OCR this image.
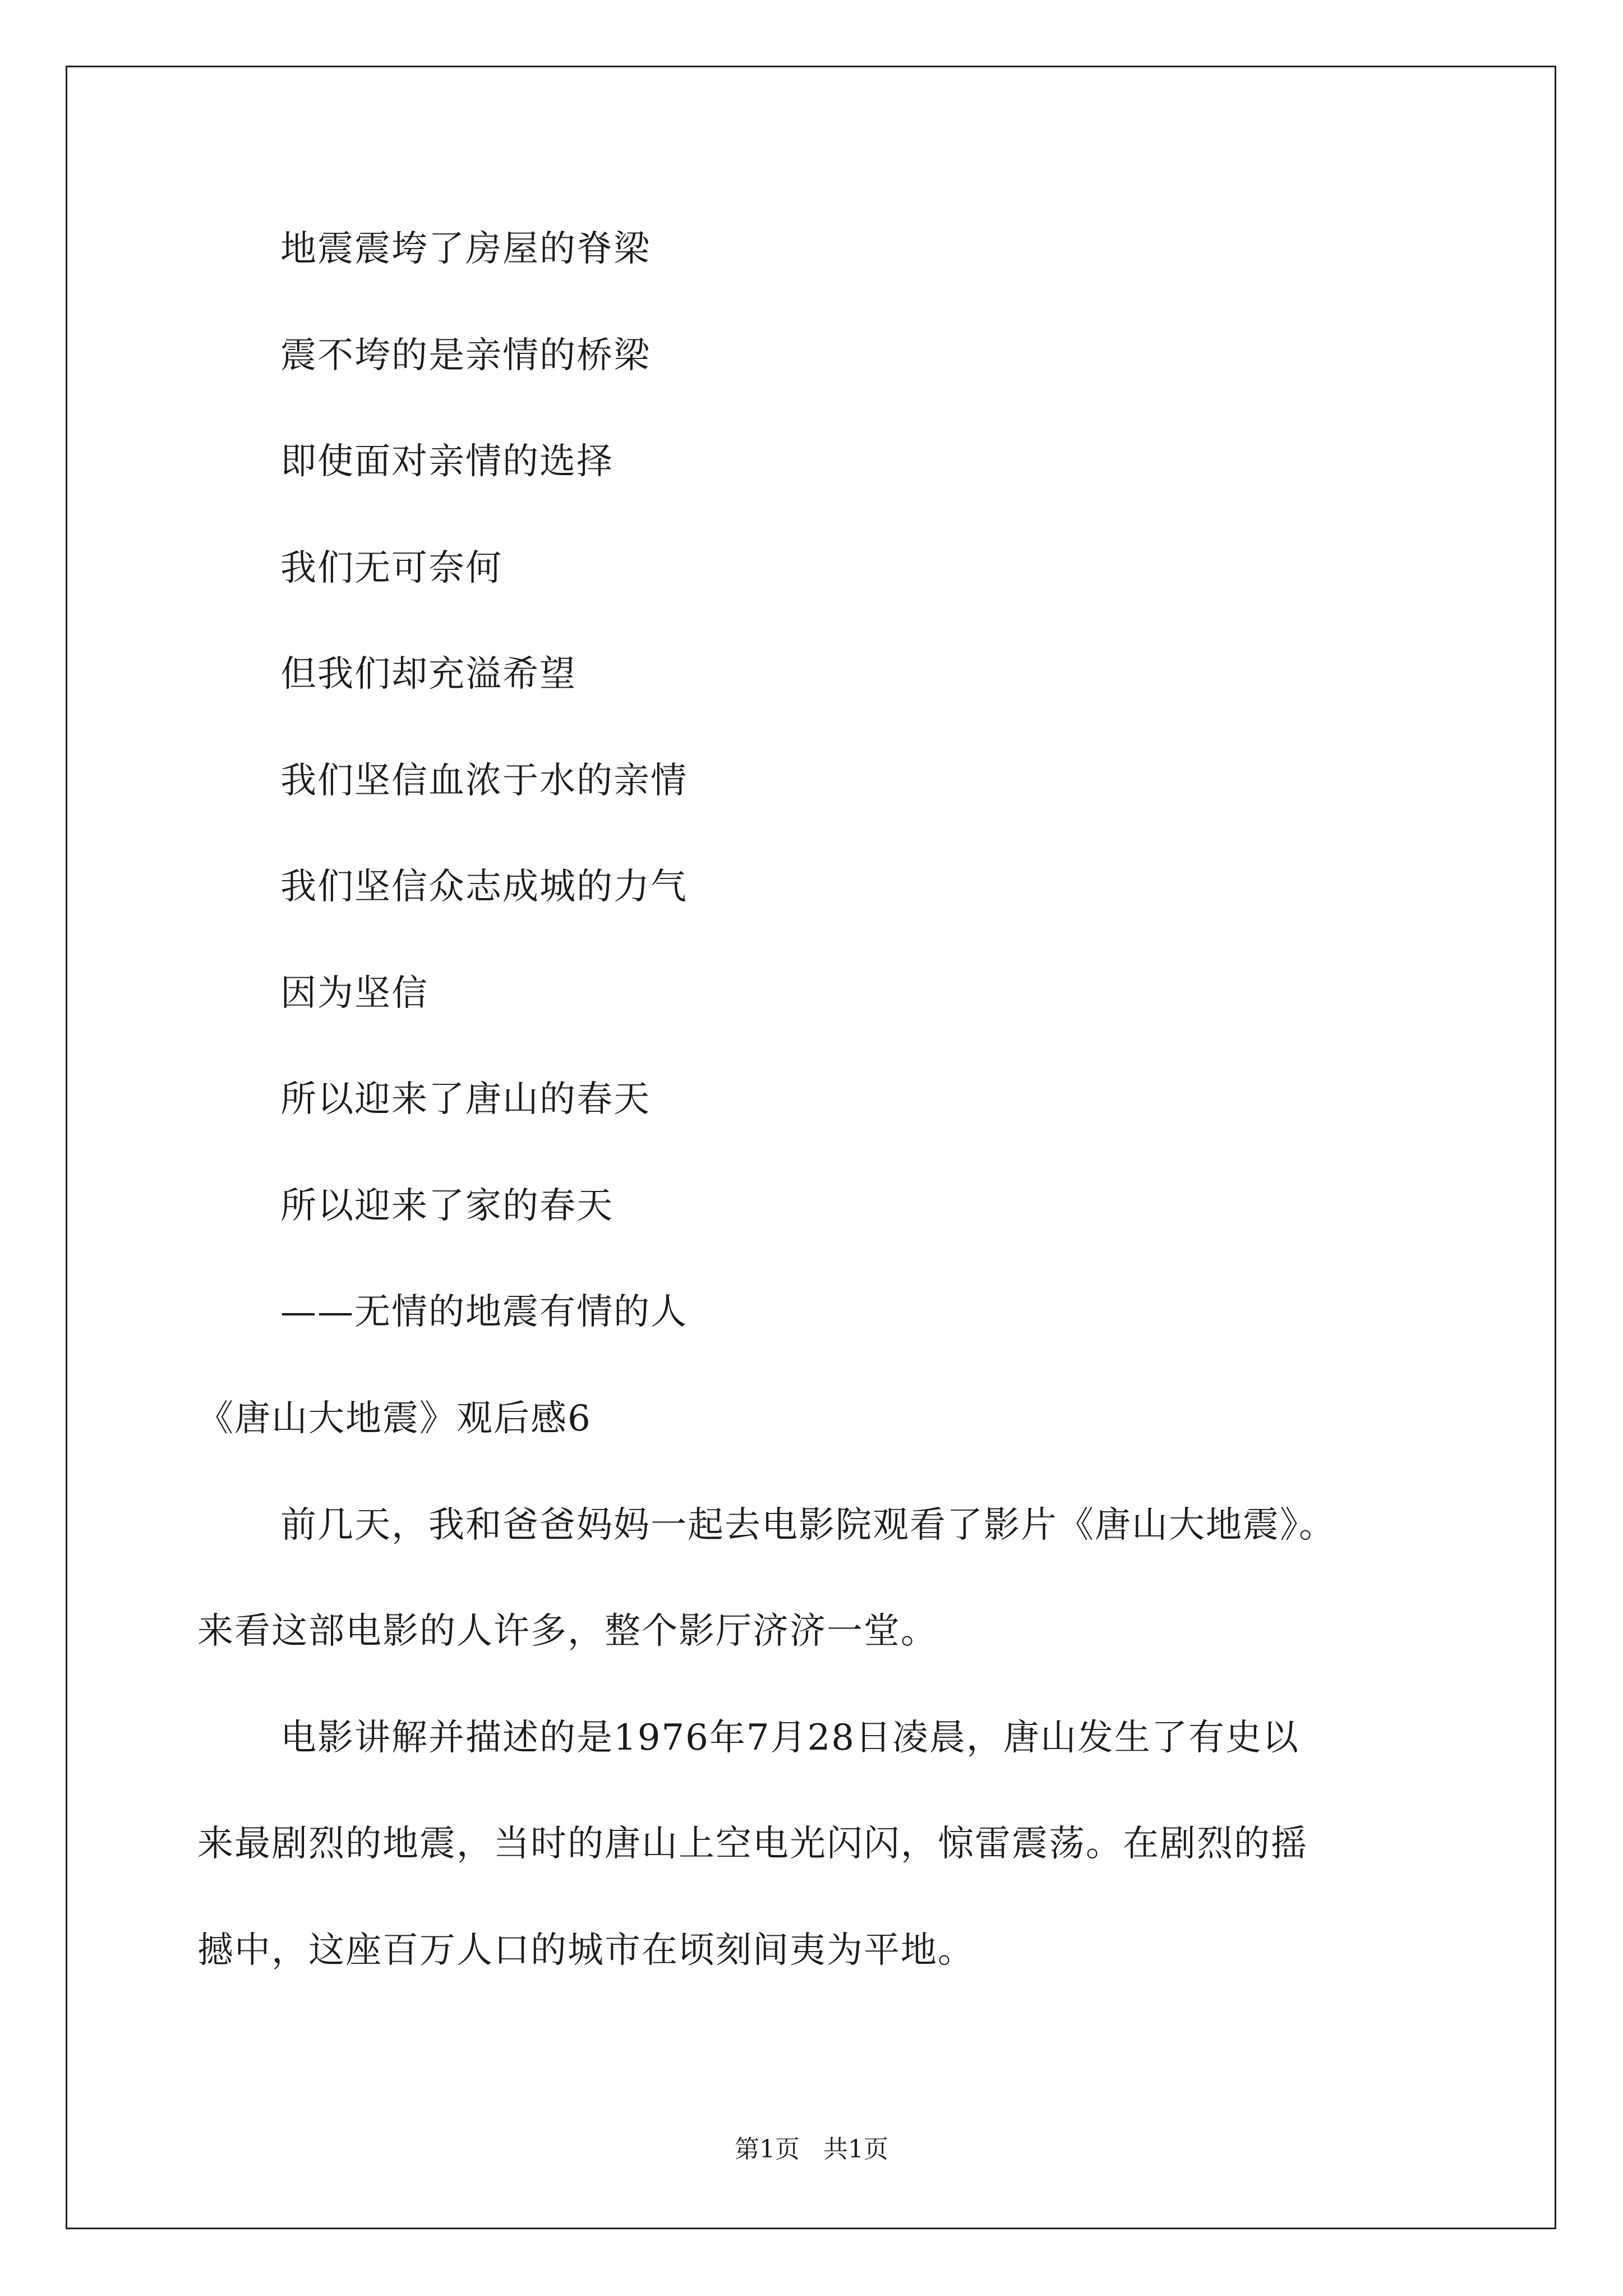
地震震垮了房屋的脊梁
震不垮的是亲情的桥梁
即使面对亲情的选择
我们无可奈何
但我们却充溢希望
我们坚信血浓于水的亲情
我们坚信众志成城的力气
因为坚信
所以迎来了唐山的春天
所以迎来了家的春天
——无情的地震有情的人
《唐山大地震》观后感6
前几天，我和爸爸妈妈一起去电影院观看了影片《唐山大地震》。
来看这部电影的人许多，整个影厅济济一堂。
电影讲解并描述的是1976年7月28日凌晨，唐山发生了有史以
来最剧烈的地震，当时的唐山上空电光闪闪，惊雷震荡。在剧烈的摇
撼中，这座百万人口的城市在顷刻间夷为平地。
第1页   共1页
